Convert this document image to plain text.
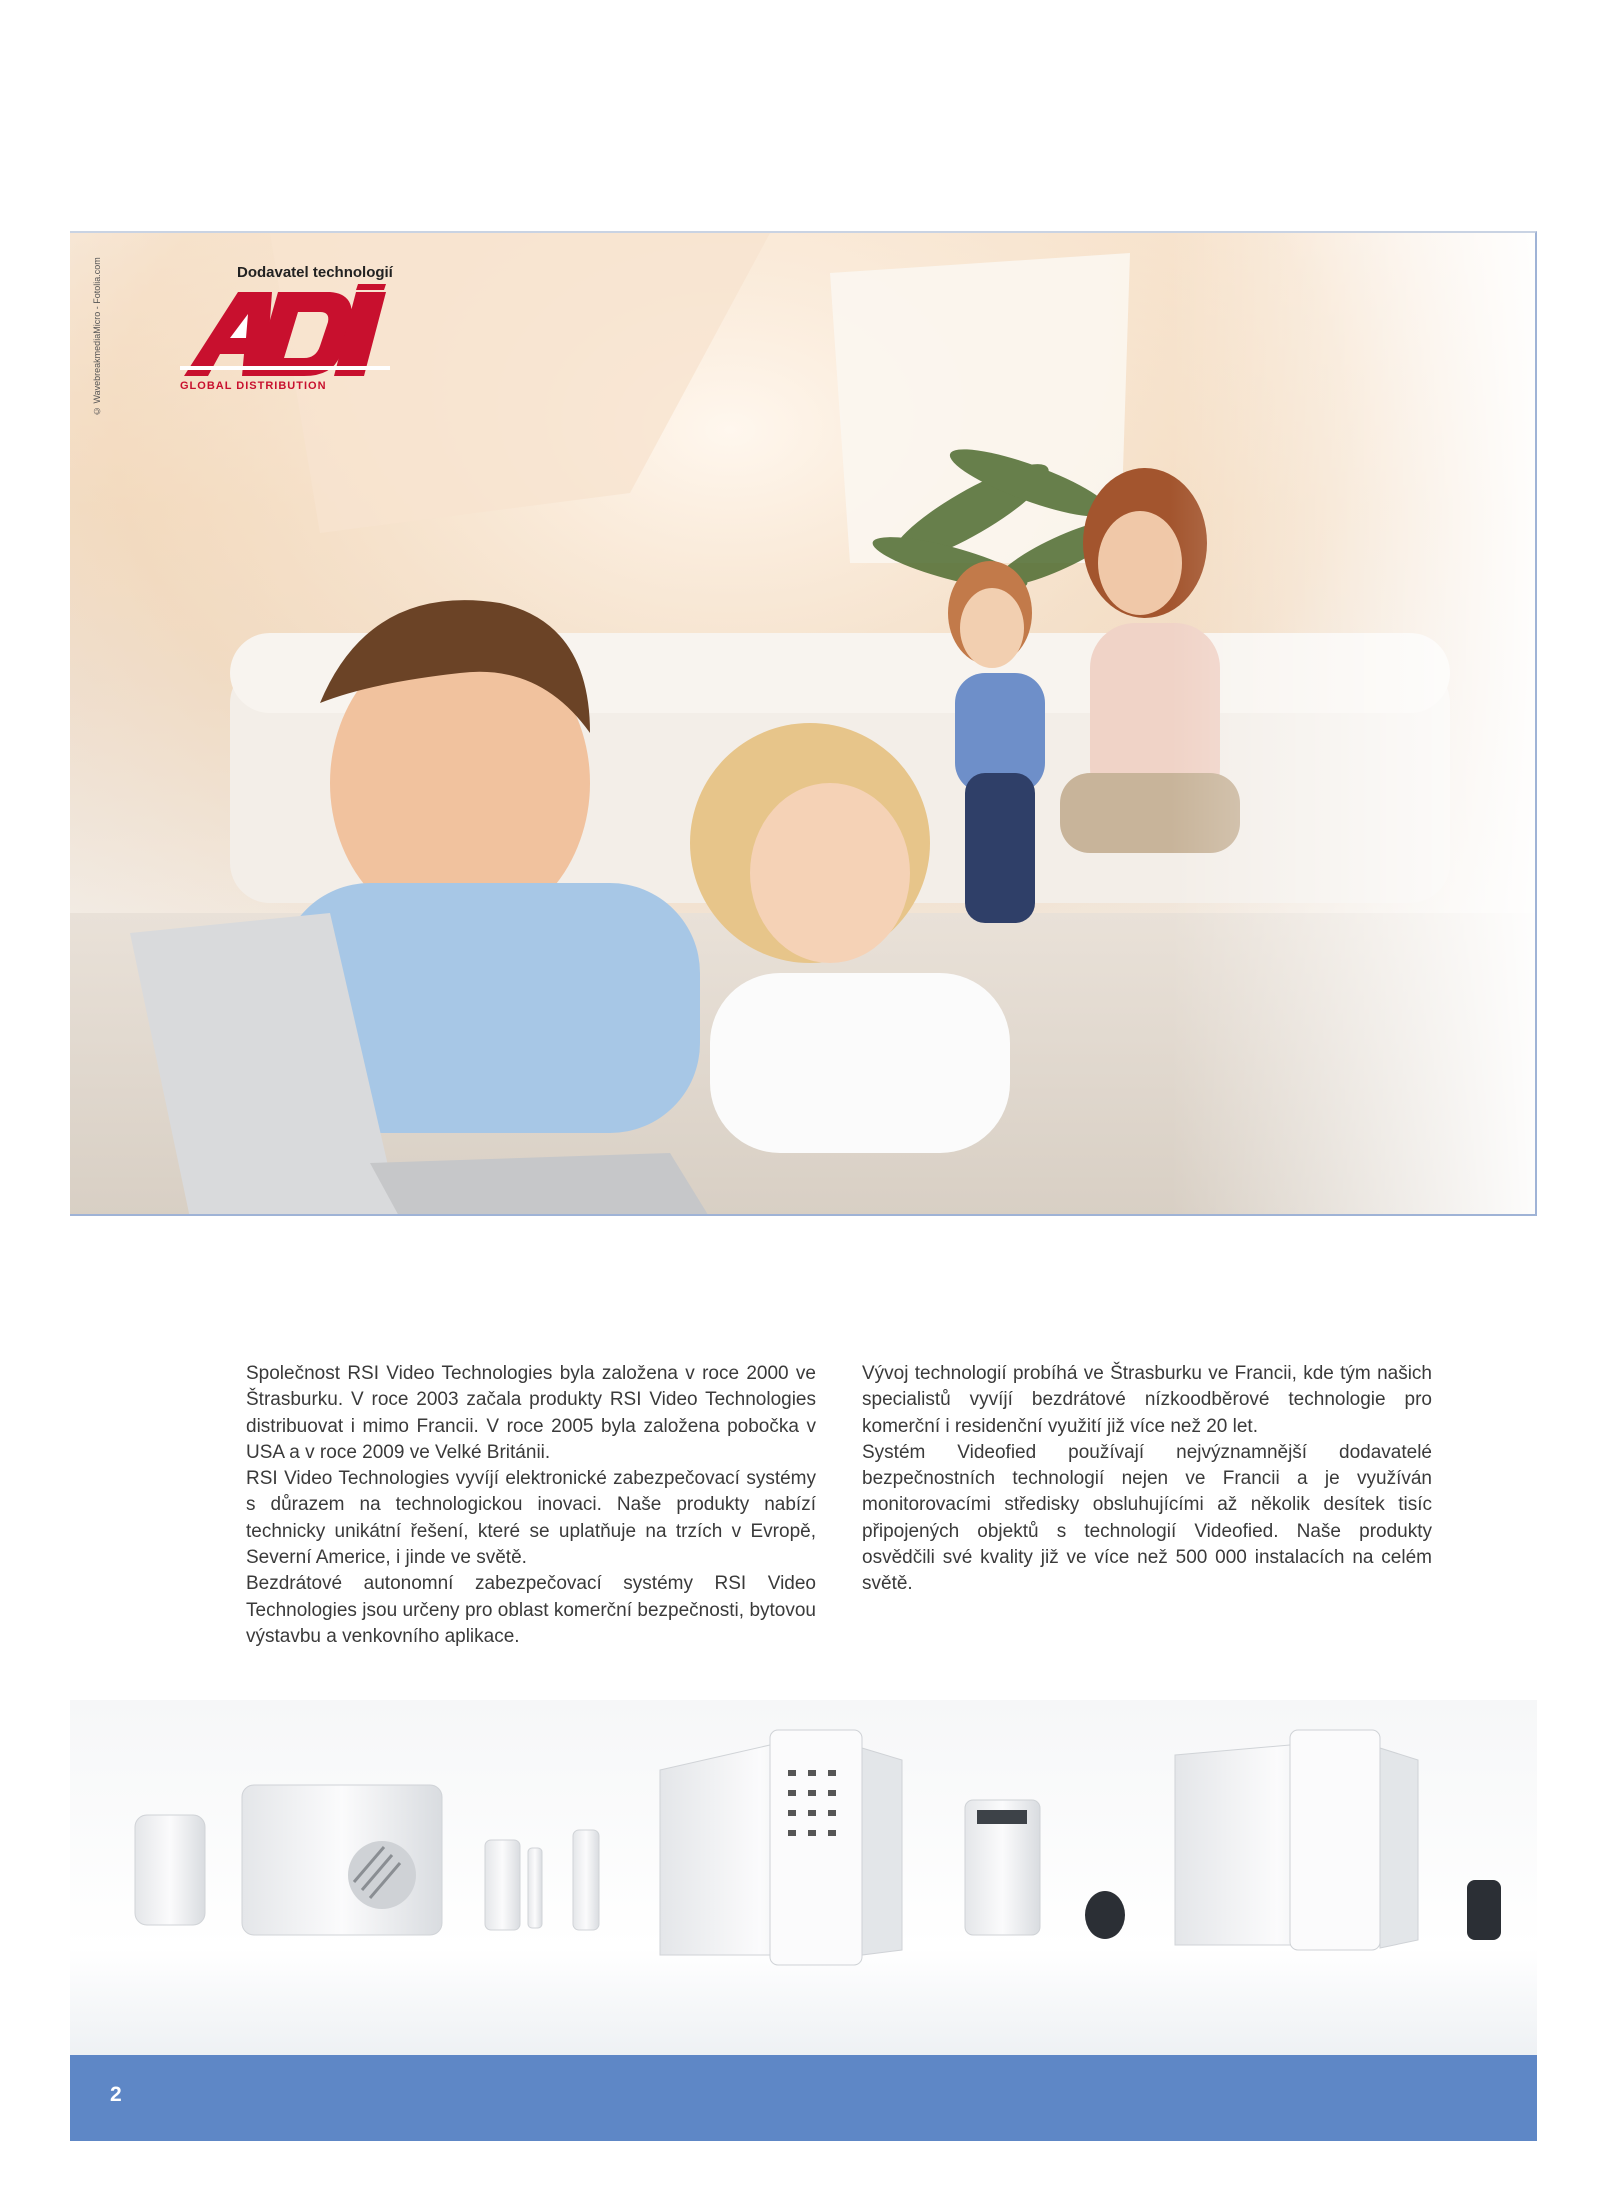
© WavebreakmediaMicro - Fotolia.com	Dodavatel technologií
GLOBAL DISTRIBUTION

Společnost RSI Video Technologies byla založena v roce 2000 ve Štrasburku. V roce 2003 začala produkty RSI Video Technologies distribuovat i mimo Francii. V roce 2005 byla založena pobočka v USA a v roce 2009 ve Velké Británii.

RSI Video Technologies vyvíjí elektronické zabezpečovací systémy s důrazem na technologickou inovaci. Naše produkty nabízí technicky unikátní řešení, které se uplatňuje na trzích v Evropě, Severní Americe, i jinde ve světě.

Bezdrátové autonomní zabezpečovací systémy RSI Video Technologies jsou určeny pro oblast komerční bezpečnosti, bytovou výstavbu a venkovního aplikace.

Vývoj technologií probíhá ve Štrasburku ve Francii, kde tým našich specialistů vyvíjí bezdrátové nízkoodběrové technologie pro komerční i residenční využití již více než 20 let.

Systém Videofied používají nejvýznamnější dodavatelé bezpečnostních technologií nejen ve Francii a je využíván monitorovacími středisky obsluhujícími až několik desítek tisíc připojených objektů s technologií Videofied. Naše produkty osvědčili své kvality již ve více než 500 000 instalacích na celém světě.

2
